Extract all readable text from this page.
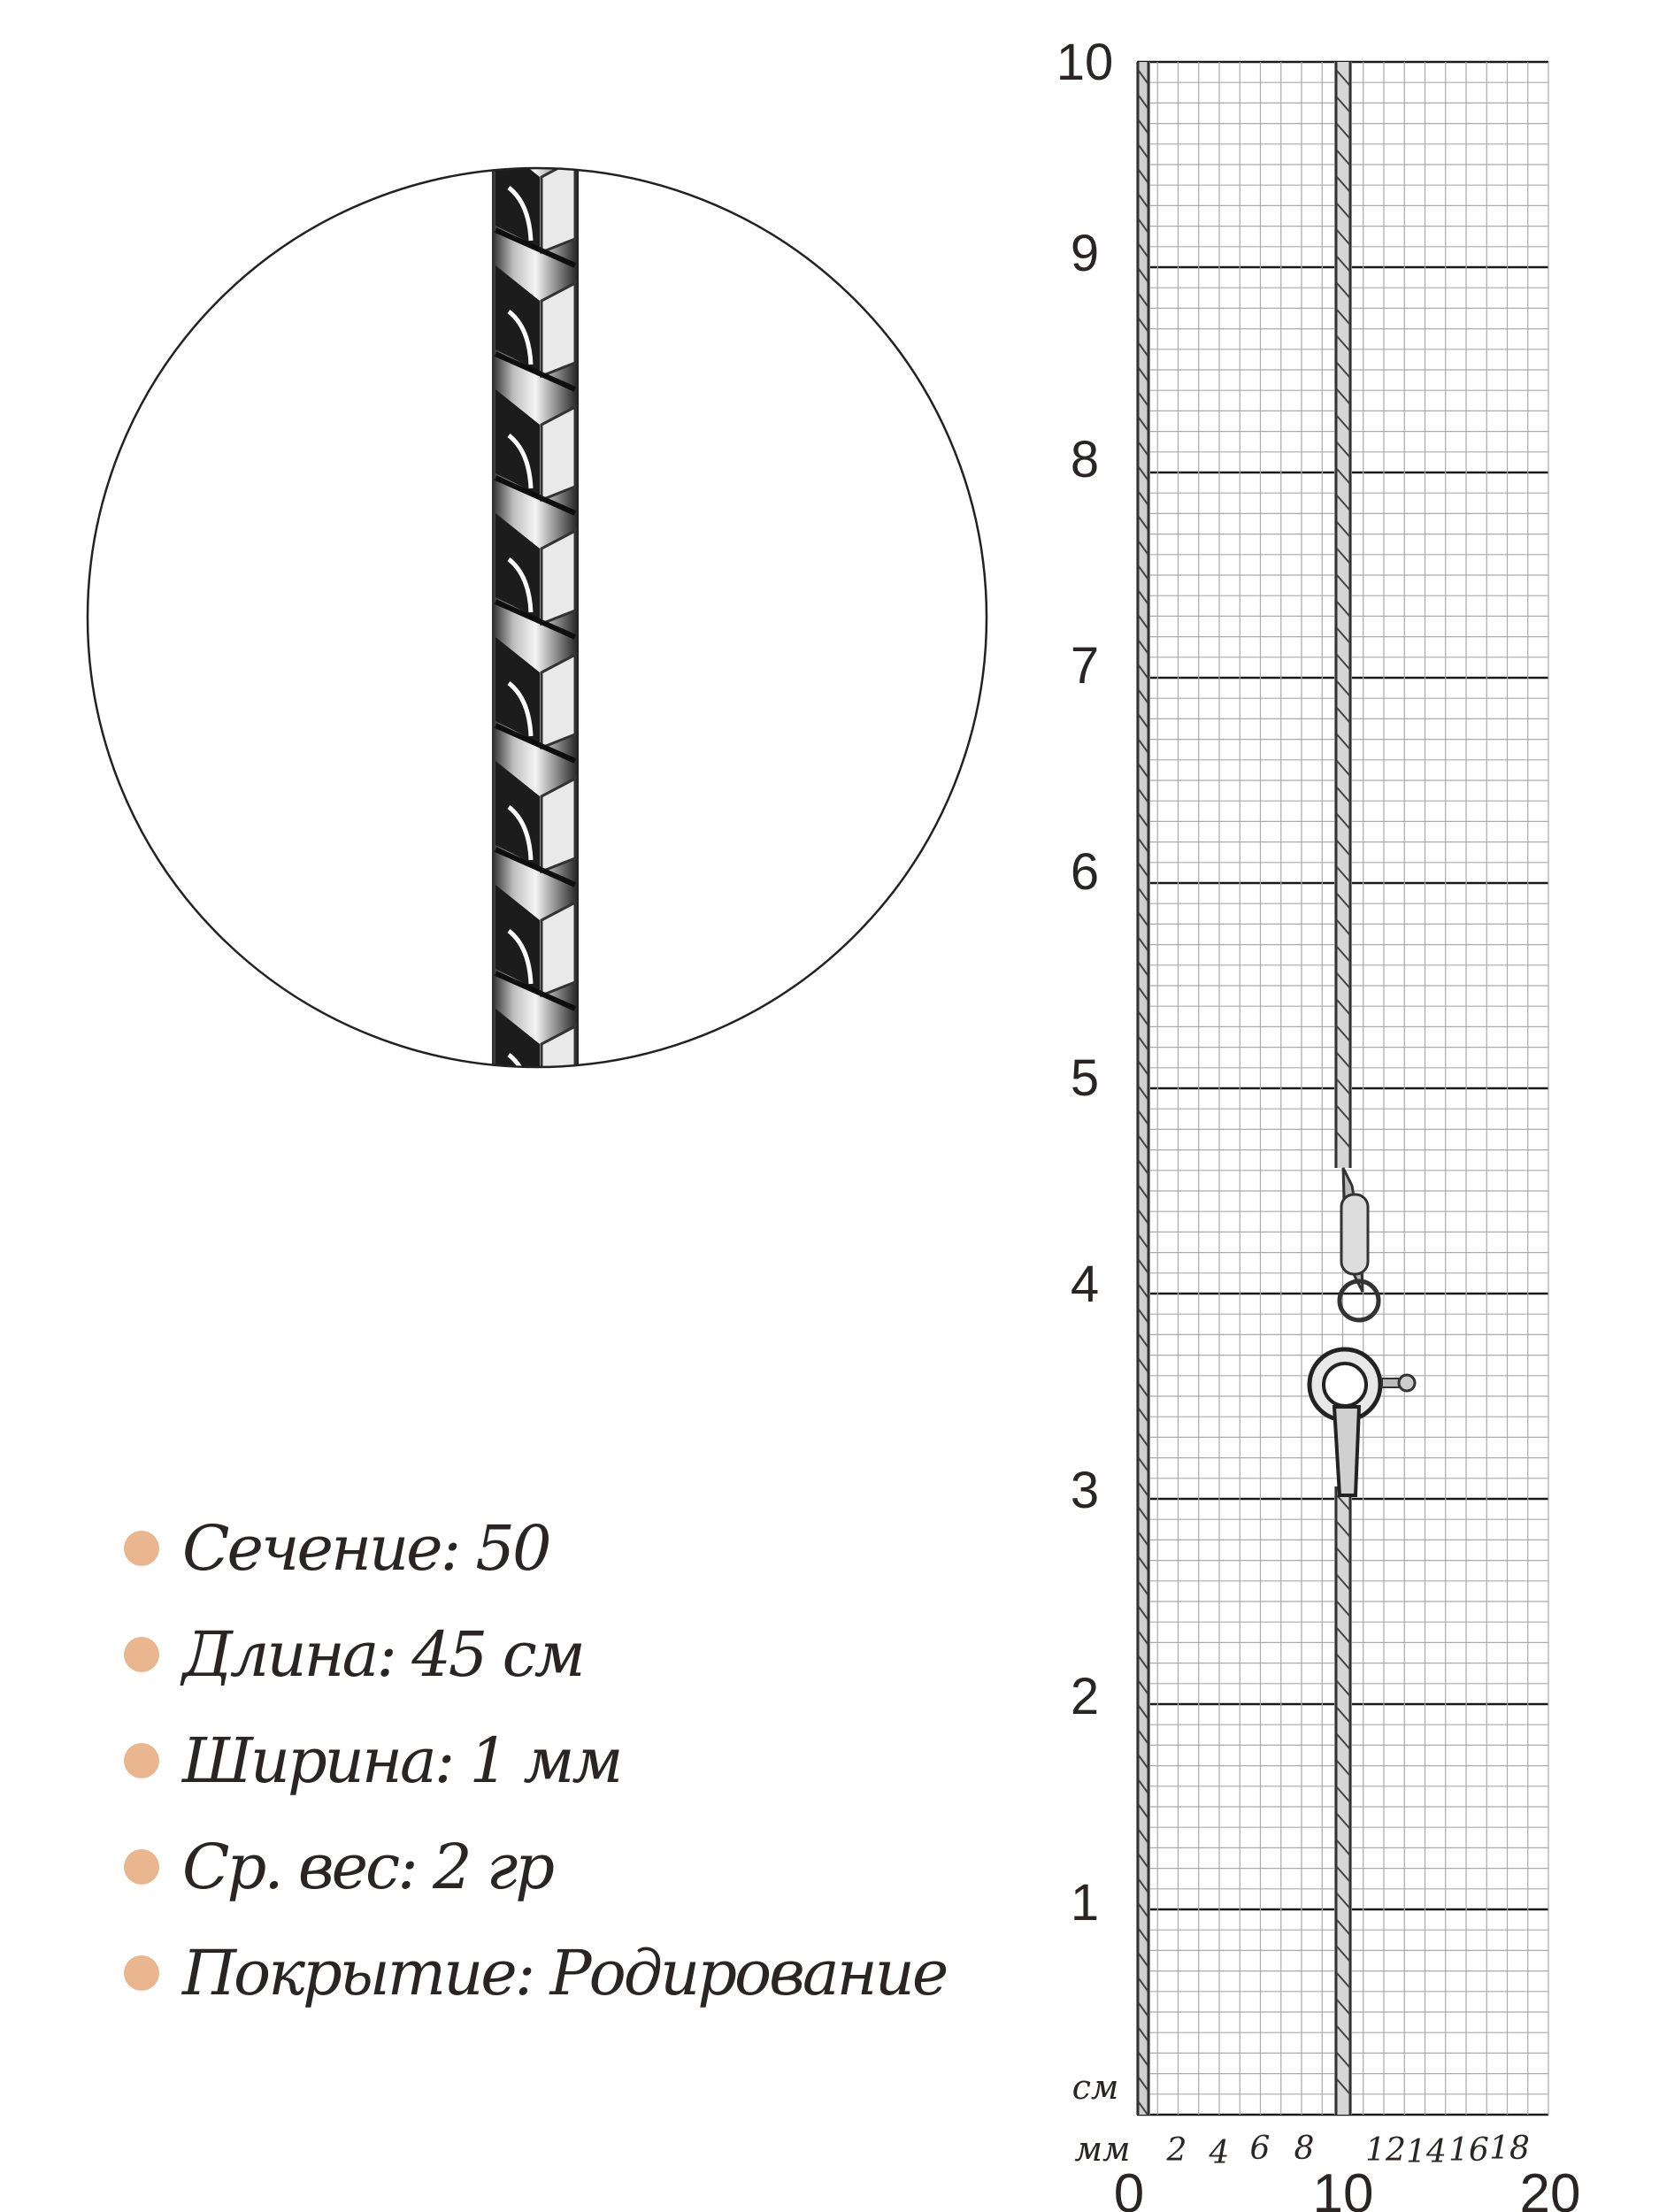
Сечение: 50
Длина: 45 см
Ширина: 1 мм
Ср. вес: 2 гр
Покрытие: Родирование
1
2
3
4
5
6
7
8
9
10
см
мм 2 4 6 8 12 14 16 18
0	10	20
